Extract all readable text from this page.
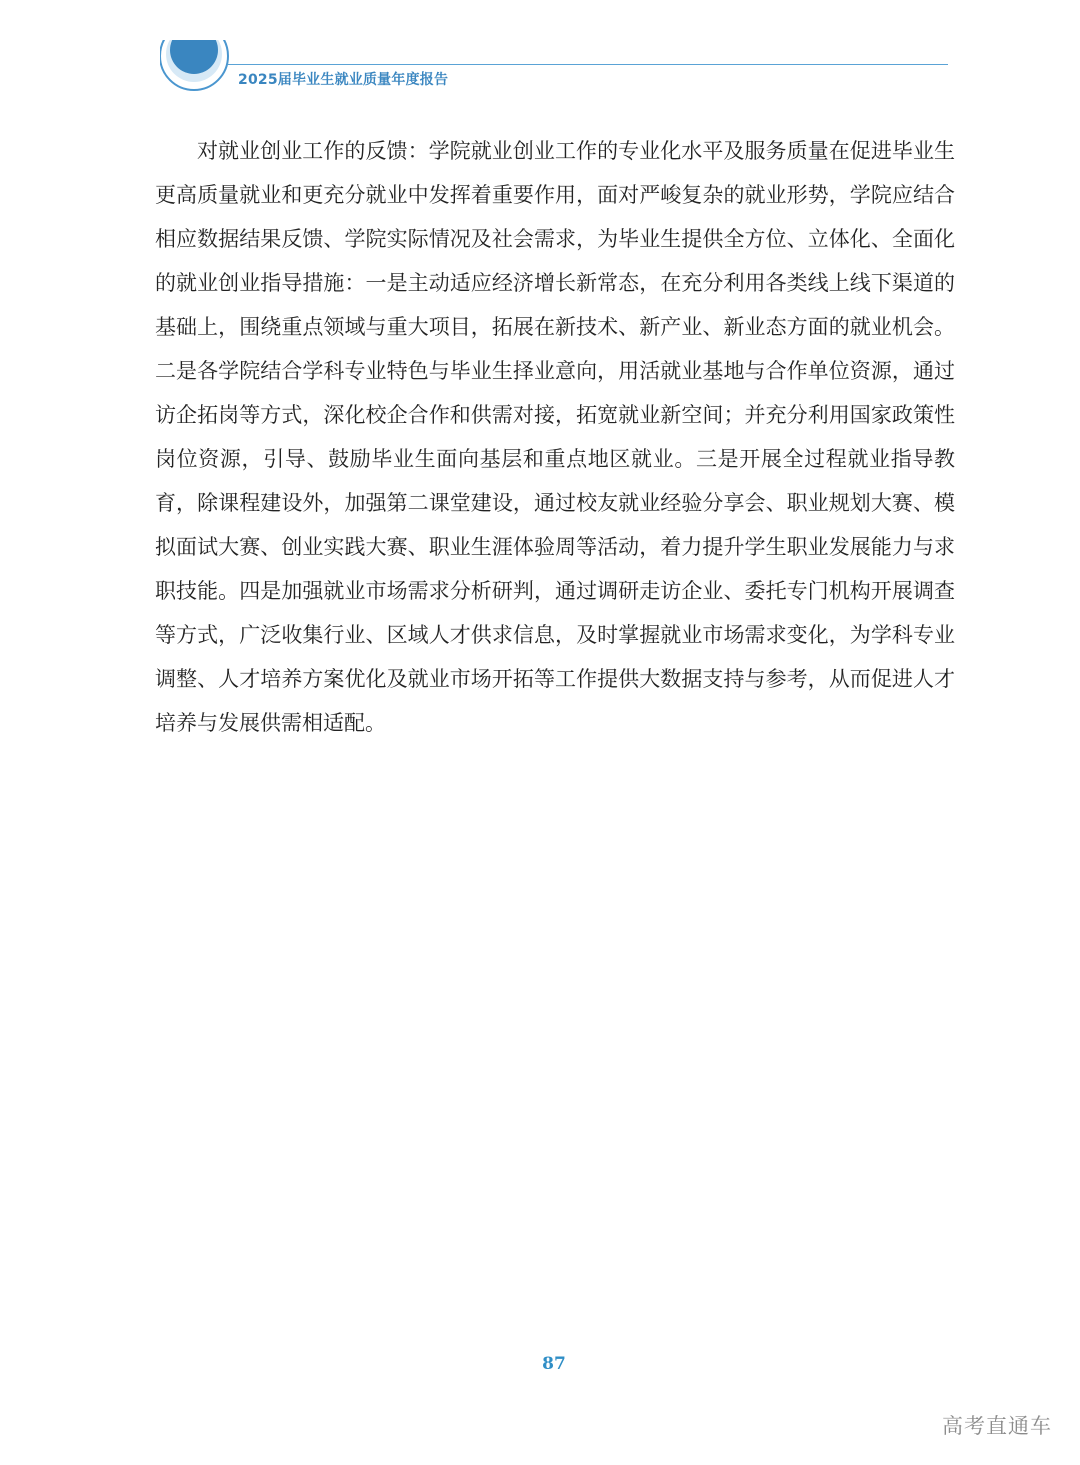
2025届毕业生就业质量年度报告

对就业创业工作的反馈：学院就业创业工作的专业化水平及服务质量在促进毕业生更高质量就业和更充分就业中发挥着重要作用，面对严峻复杂的就业形势，学院应结合相应数据结果反馈、学院实际情况及社会需求，为毕业生提供全方位、立体化、全面化的就业创业指导措施：一是主动适应经济增长新常态，在充分利用各类线上线下渠道的基础上，围绕重点领域与重大项目，拓展在新技术、新产业、新业态方面的就业机会。二是各学院结合学科专业特色与毕业生择业意向，用活就业基地与合作单位资源，通过访企拓岗等方式，深化校企合作和供需对接，拓宽就业新空间；并充分利用国家政策性岗位资源，引导、鼓励毕业生面向基层和重点地区就业。三是开展全过程就业指导教育，除课程建设外，加强第二课堂建设，通过校友就业经验分享会、职业规划大赛、模拟面试大赛、创业实践大赛、职业生涯体验周等活动，着力提升学生职业发展能力与求职技能。四是加强就业市场需求分析研判，通过调研走访企业、委托专门机构开展调查等方式，广泛收集行业、区域人才供求信息，及时掌握就业市场需求变化，为学科专业调整、人才培养方案优化及就业市场开拓等工作提供大数据支持与参考，从而促进人才培养与发展供需相适配。

87
高考直通车
